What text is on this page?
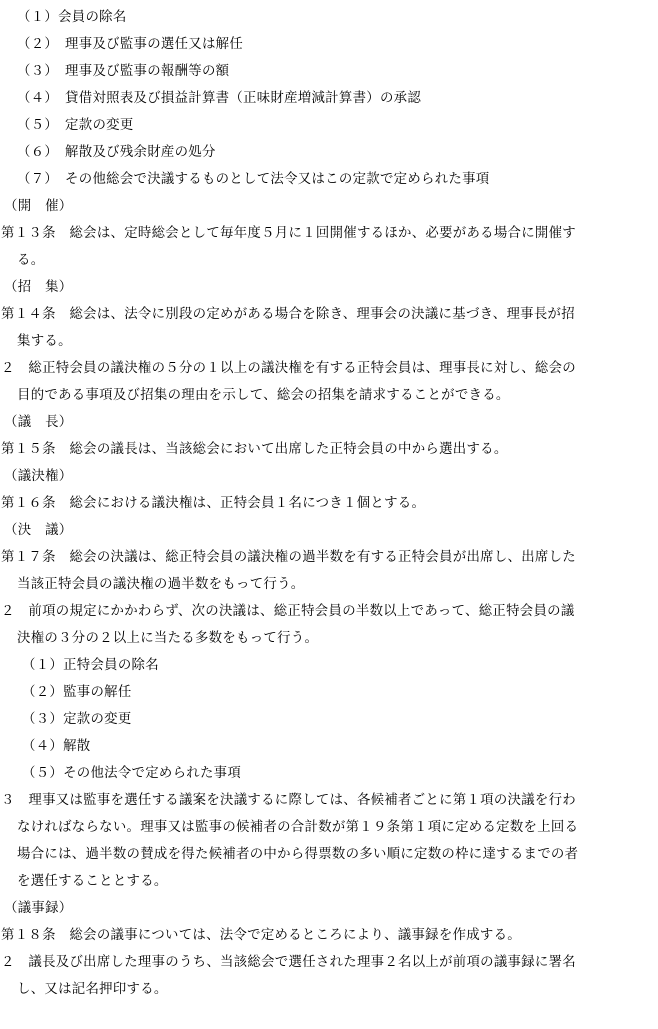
（１）会員の除名
（２）　理事及び監事の選任又は解任
（３）　理事及び監事の報酬等の額
（４）　貸借対照表及び損益計算書（正味財産増減計算書）の承認
（５）　定款の変更
（６）　解散及び残余財産の処分
（７）　その他総会で決議するものとして法令又はこの定款で定められた事項
（開　催）
第１３条　総会は、定時総会として毎年度５月に１回開催するほか、必要がある場合に開催す
る。
（招　集）
第１４条　総会は、法令に別段の定めがある場合を除き、理事会の決議に基づき、理事長が招
集する。
２　総正特会員の議決権の５分の１以上の議決権を有する正特会員は、理事長に対し、総会の
目的である事項及び招集の理由を示して、総会の招集を請求することができる。
（議　長）
第１５条　総会の議長は、当該総会において出席した正特会員の中から選出する。
（議決権）
第１６条　総会における議決権は、正特会員１名につき１個とする。
（決　議）
第１７条　総会の決議は、総正特会員の議決権の過半数を有する正特会員が出席し、出席した
当該正特会員の議決権の過半数をもって行う。
２　前項の規定にかかわらず、次の決議は、総正特会員の半数以上であって、総正特会員の議
決権の３分の２以上に当たる多数をもって行う。
（１）正特会員の除名
（２）監事の解任
（３）定款の変更
（４）解散
（５）その他法令で定められた事項
３　理事又は監事を選任する議案を決議するに際しては、各候補者ごとに第１項の決議を行わ
なければならない。理事又は監事の候補者の合計数が第１９条第１項に定める定数を上回る
場合には、過半数の賛成を得た候補者の中から得票数の多い順に定数の枠に達するまでの者
を選任することとする。
（議事録）
第１８条　総会の議事については、法令で定めるところにより、議事録を作成する。
２　議長及び出席した理事のうち、当該総会で選任された理事２名以上が前項の議事録に署名
し、又は記名押印する。
